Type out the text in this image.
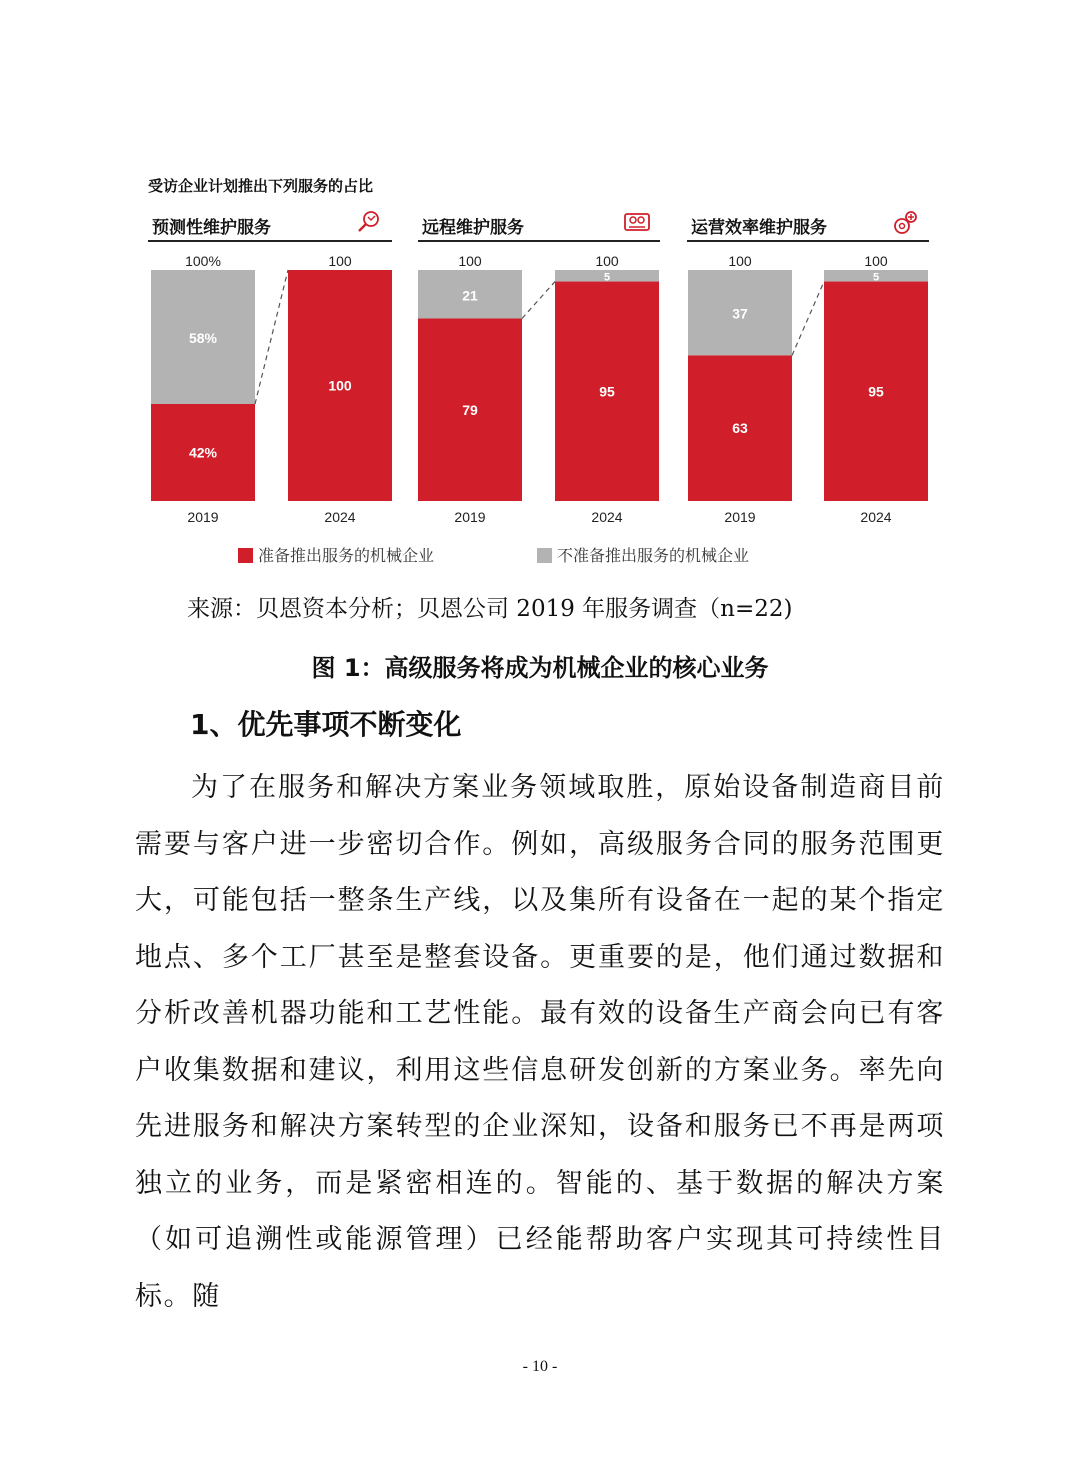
受访企业计划推出下列服务的占比
预测性维护服务	远程维护服务	运营效率维护服务
100%
42%
58%
2019
100
100
2024
100
79
21
2019
100
95
5
2024
100
63
37
2019
100
95
5
2024
准备推出服务的机械企业	不准备推出服务的机械企业
来源：贝恩资本分析；贝恩公司 2019 年服务调查（n=22)
图 1：高级服务将成为机械企业的核心业务
1、优先事项不断变化

为了在服务和解决方案业务领域取胜，原始设备制造商目前需要与客户进一步密切合作。例如，高级服务合同的服务范围更大，可能包括一整条生产线，以及集所有设备在一起的某个指定地点、多个工厂甚至是整套设备。更重要的是，他们通过数据和分析改善机器功能和工艺性能。最有效的设备生产商会向已有客户收集数据和建议，利用这些信息研发创新的方案业务。率先向先进服务和解决方案转型的企业深知，设备和服务已不再是两项独立的业务，而是紧密相连的。智能的、基于数据的解决方案（如可追溯性或能源管理）已经能帮助客户实现其可持续性目标。随

- 10 -
